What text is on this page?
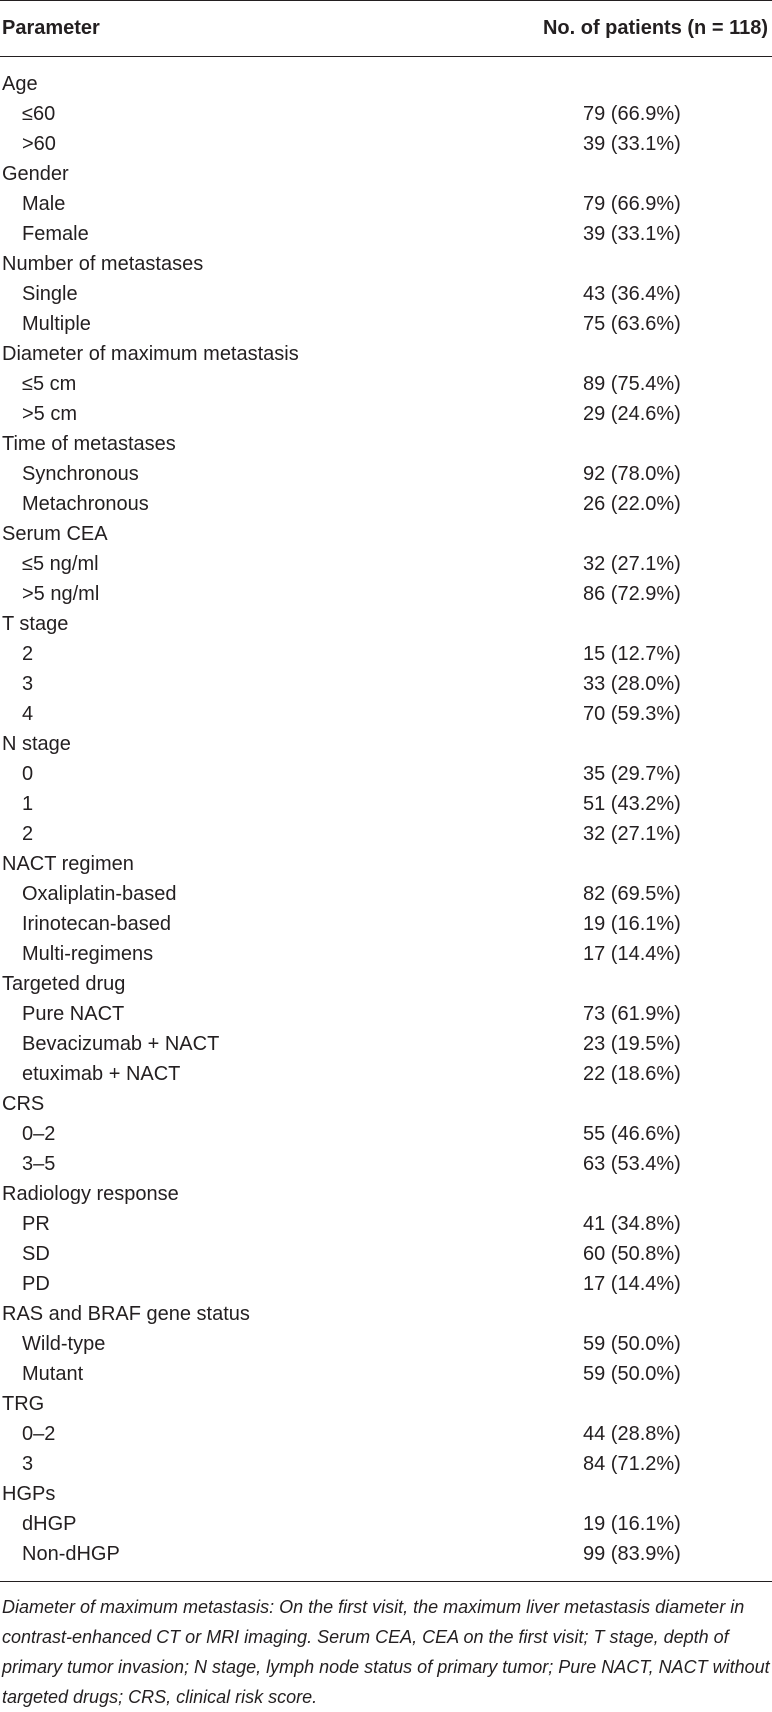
Parameter	No. of patients (n = 118)
Age
≤60	79 (66.9%)
>60	39 (33.1%)
Gender
Male	79 (66.9%)
Female	39 (33.1%)
Number of metastases
Single	43 (36.4%)
Multiple	75 (63.6%)
Diameter of maximum metastasis
≤5 cm	89 (75.4%)
>5 cm	29 (24.6%)
Time of metastases
Synchronous	92 (78.0%)
Metachronous	26 (22.0%)
Serum CEA
≤5 ng/ml	32 (27.1%)
>5 ng/ml	86 (72.9%)
T stage
2	15 (12.7%)
3	33 (28.0%)
4	70 (59.3%)
N stage
0	35 (29.7%)
1	51 (43.2%)
2	32 (27.1%)
NACT regimen
Oxaliplatin-based	82 (69.5%)
Irinotecan-based	19 (16.1%)
Multi-regimens	17 (14.4%)
Targeted drug
Pure NACT	73 (61.9%)
Bevacizumab + NACT	23 (19.5%)
etuximab + NACT	22 (18.6%)
CRS
0–2	55 (46.6%)
3–5	63 (53.4%)
Radiology response
PR	41 (34.8%)
SD	60 (50.8%)
PD	17 (14.4%)
RAS and BRAF gene status
Wild-type	59 (50.0%)
Mutant	59 (50.0%)
TRG
0–2	44 (28.8%)
3	84 (71.2%)
HGPs
dHGP	19 (16.1%)
Non-dHGP	99 (83.9%)
Diameter of maximum metastasis: On the first visit, the maximum liver metastasis diameter in contrast-enhanced CT or MRI imaging. Serum CEA, CEA on the first visit; T stage, depth of primary tumor invasion; N stage, lymph node status of primary tumor; Pure NACT, NACT without targeted drugs; CRS, clinical risk score.
